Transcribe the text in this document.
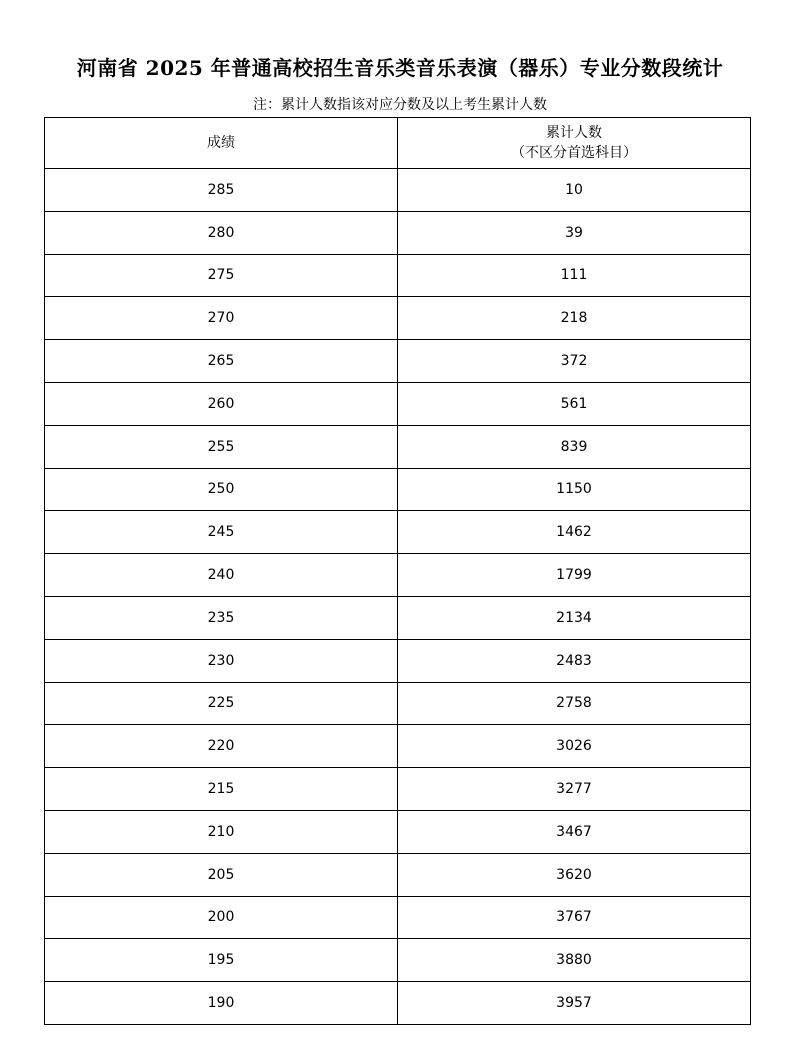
河南省 2025 年普通高校招生音乐类音乐表演（器乐）专业分数段统计
注：累计人数指该对应分数及以上考生累计人数
成绩	累计人数
（不区分首选科目）

285	10
280	39
275	111
270	218
265	372
260	561
255	839
250	1150
245	1462
240	1799
235	2134
230	2483
225	2758
220	3026
215	3277
210	3467
205	3620
200	3767
195	3880
190	3957
